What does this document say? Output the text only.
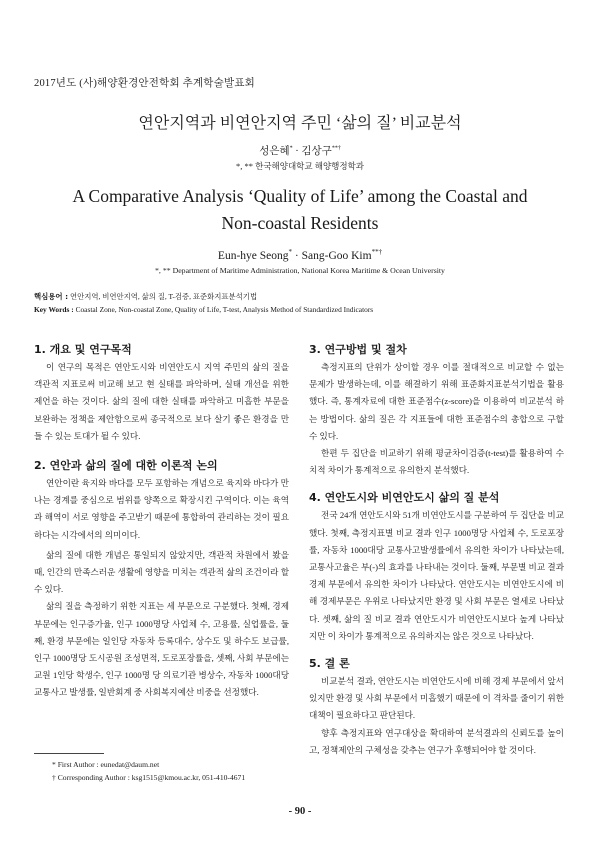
2017년도 (사)해양환경안전학회 추계학술발표회
연안지역과 비연안지역 주민 ‘삶의 질’ 비교분석
성은혜* · 김상구**†
*, ** 한국해양대학교 해양행정학과
A Comparative Analysis ‘Quality of Life’ among the Coastal and
Non-coastal Residents
Eun-hye Seong* · Sang-Goo Kim**†
*, ** Department of Maritime Administration, National Korea Maritime & Ocean University
핵심용어 : 연안지역, 비연안지역, 삶의 질, T-검증, 표준화지표분석기법
Key Words : Coastal Zone, Non-coastal Zone, Quality of Life, T-test, Analysis Method of Standardized Indicators
1. 개요 및 연구목적

이 연구의 목적은 연안도시와 비연안도시 지역 주민의 삶의 질을 객관적 지표로써 비교해 보고 현 실태를 파악하며, 실태 개선을 위한 제언을 하는 것이다. 삶의 질에 대한 실태를 파악하고 미흡한 부문을 보완하는 정책을 제안함으로써 종국적으로 보다 살기 좋은 환경을 만들 수 있는 토대가 될 수 있다.

2. 연안과 삶의 질에 대한 이론적 논의

연안이란 육지와 바다를 모두 포함하는 개념으로 육지와 바다가 만나는 경계를 중심으로 범위를 양쪽으로 확장시킨 구역이다. 이는 육역과 해역이 서로 영향을 주고받기 때문에 통합하여 관리하는 것이 필요하다는 시각에서의 의미이다.

삶의 질에 대한 개념은 통일되지 않았지만, 객관적 차원에서 봤을 때, 인간의 만족스러운 생활에 영향을 미치는 객관적 삶의 조건이라 할 수 있다.

삶의 질을 측정하기 위한 지표는 세 부문으로 구분했다. 첫째, 경제 부문에는 인구증가율, 인구 1000명당 사업체 수, 고용률, 실업률을, 둘째, 환경 부문에는 일인당 자동차 등록대수, 상수도 및 하수도 보급률, 인구 1000명당 도시공원 조성면적, 도로포장률을, 셋째, 사회 부문에는 교원 1인당 학생수, 인구 1000명 당 의료기관 병상수, 자동차 1000대당 교통사고 발생률, 일반회계 중 사회복지예산 비중을 선정했다.

3. 연구방법 및 절차

측정지표의 단위가 상이할 경우 이를 절대적으로 비교할 수 없는 문제가 발생하는데, 이를 해결하기 위해 표준화지표분석기법을 활용했다. 즉, 통계자료에 대한 표준점수(z-score)을 이용하여 비교분석 하는 방법이다. 삶의 질은 각 지표들에 대한 표준점수의 총합으로 구할 수 있다.

한편 두 집단을 비교하기 위해 평균차이검증(t-test)를 활용하여 수치적 차이가 통계적으로 유의한지 분석했다.

4. 연안도시와 비연안도시 삶의 질 분석

전국 24개 연안도시와 51개 비연안도시를 구분하여 두 집단을 비교했다. 첫째, 측정지표별 비교 결과 인구 1000명당 사업체 수, 도로포장률, 자동차 1000대당 교통사고발생률에서 유의한 차이가 나타났는데, 교통사고율은 부(-)의 효과를 나타내는 것이다. 둘째, 부문별 비교 결과 경제 부문에서 유의한 차이가 나타났다. 연안도시는 비연안도시에 비해 경제부문은 우위로 나타났지만 환경 및 사회 부문은 열세로 나타났다. 셋째, 삶의 질 비교 결과 연안도시가 비연안도시보다 높게 나타났지만 이 차이가 통계적으로 유의하지는 않은 것으로 나타났다.

5. 결 론

비교분석 결과, 연안도시는 비연안도시에 비해 경제 부문에서 앞서있지만 환경 및 사회 부문에서 미흡했기 때문에 이 격차를 줄이기 위한 대책이 필요하다고 판단된다.

향후 측정지표와 연구대상을 확대하여 분석결과의 신뢰도를 높이고, 정책제안의 구체성을 갖추는 연구가 후행되어야 할 것이다.

* First Author : eunedat@daum.net
† Corresponding Author : ksg1515@kmou.ac.kr, 051-410-4671
- 90 -
